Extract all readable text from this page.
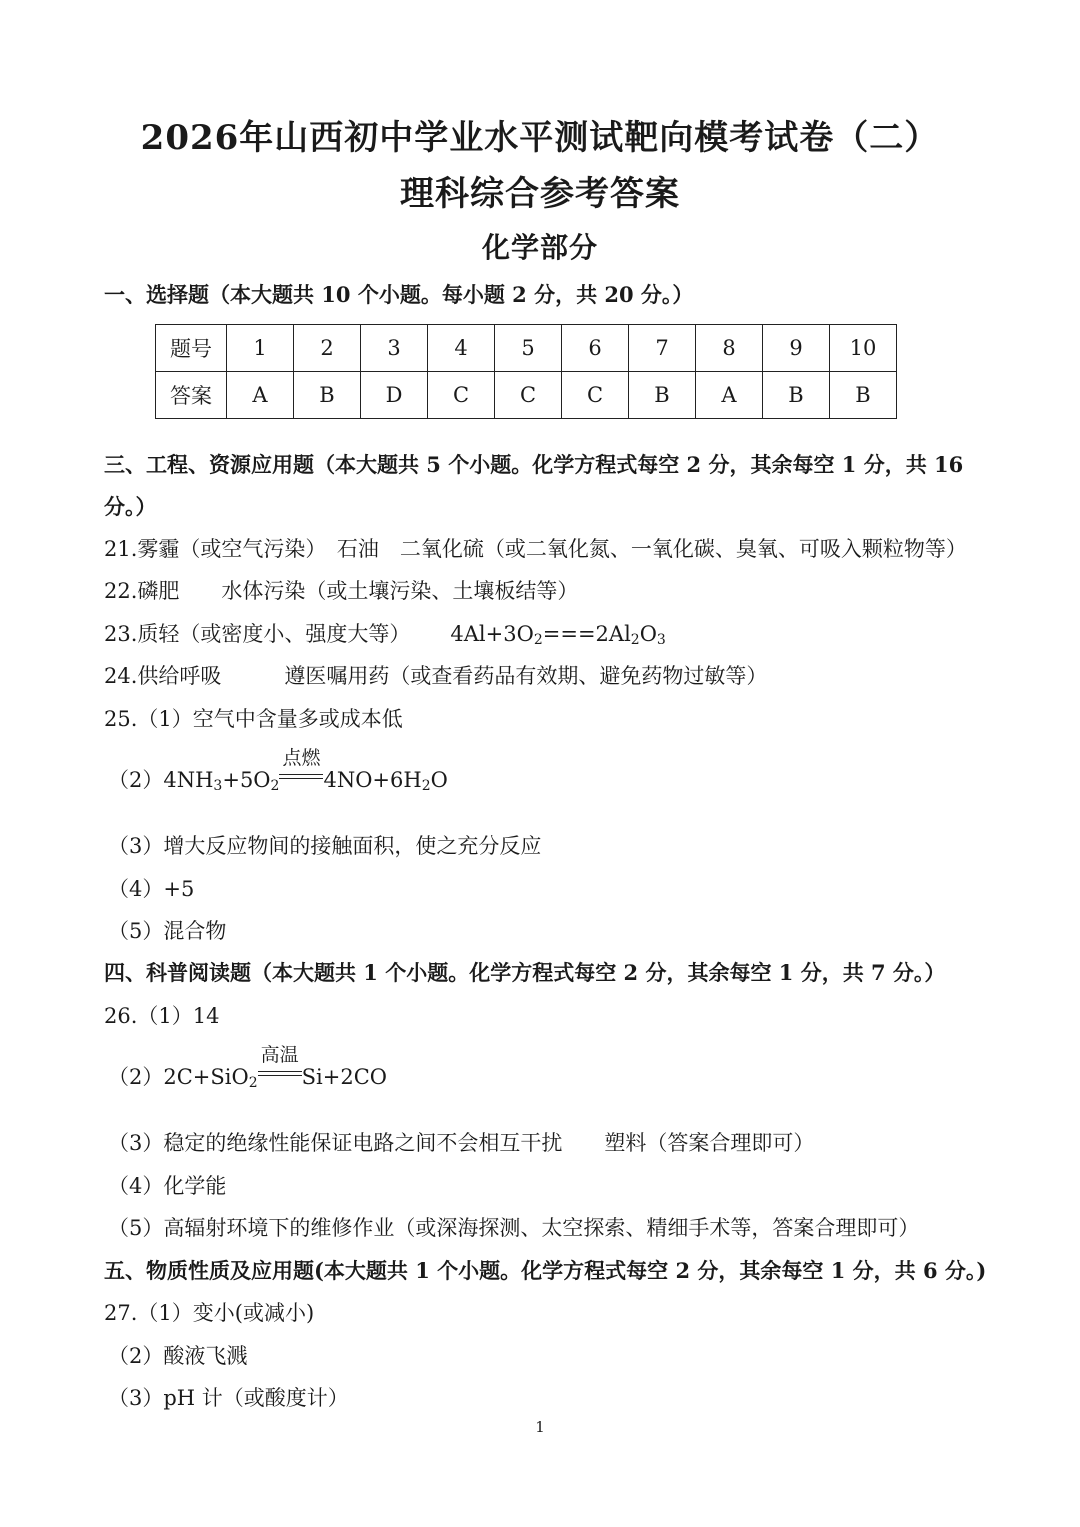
2026年山西初中学业水平测试靶向模考试卷（二）
理科综合参考答案
化学部分
一、选择题（本大题共 10 个小题。每小题 2 分，共 20 分。）
题号	1	2	3	4	5	6	7	8	9	10
答案	A	B	D	C	C	C	B	A	B	B
三、工程、资源应用题（本大题共 5 个小题。化学方程式每空 2 分，其余每空 1 分，共 16
分。）
21.雾霾（或空气污染）　石油　二氧化硫（或二氧化氮、一氧化碳、臭氧、可吸入颗粒物等）
22.磷肥　　水体污染（或土壤污染、土壤板结等）
23.质轻（或密度小、强度大等） $4Al+3O_2===2Al_2O_3$
24.供给呼吸　　　遵医嘱用药（或查看药品有效期、避免药物过敏等）
25.（1）空气中含量多或成本低
$(2)4NH_3+5O_2$
点燃
$4NO+6H_2O$
（3）增大反应物间的接触面积，使之充分反应
（4）+5
（5）混合物
四、科普阅读题（本大题共 1 个小题。化学方程式每空 2 分，其余每空 1 分，共 7 分。）
26.（1）14
（2）2C+SiO$_2$
高温
Si+2CO
（3）稳定的绝缘性能保证电路之间不会相互干扰　　塑料（答案合理即可）
（4）化学能
（5）高辐射环境下的维修作业（或深海探测、太空探索、精细手术等，答案合理即可）
五、物质性质及应用题(本大题共 1 个小题。化学方程式每空 2 分，其余每空 1 分，共 6 分。)
27.（1）变小(或减小)
（2）酸液飞溅
（3）pH 计（或酸度计）
1
